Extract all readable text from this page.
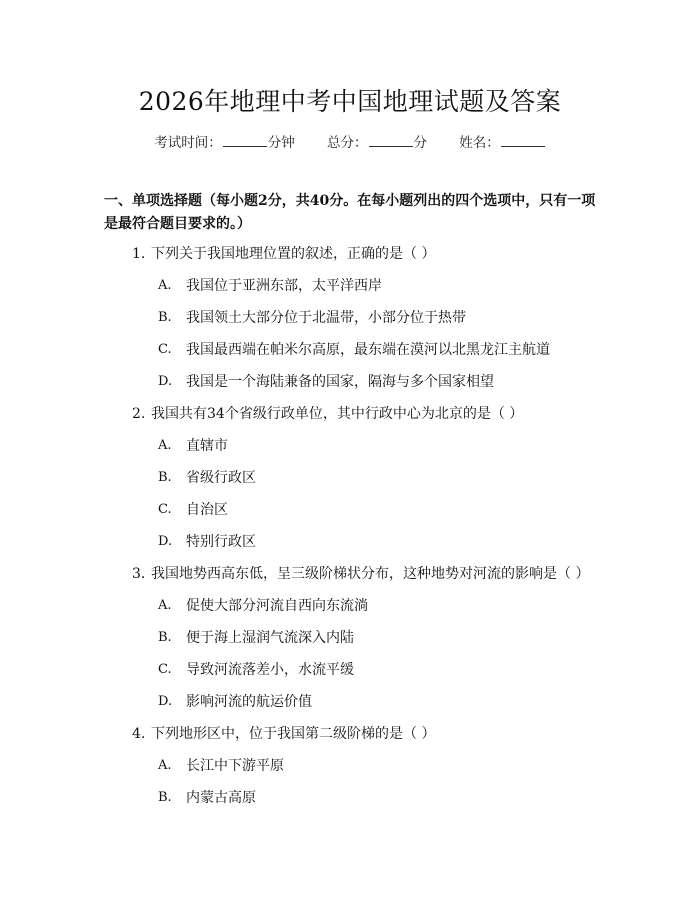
2026年地理中考中国地理试题及答案
考试时间：	分钟 总分：	分 姓名：
一、单项选择题（每小题2分，共40分。在每小题列出的四个选项中，只有一项是最符合题目要求的。）
1. 下列关于我国地理位置的叙述，正确的是（ ）
A. 我国位于亚洲东部，太平洋西岸
B. 我国领土大部分位于北温带，小部分位于热带
C. 我国最西端在帕米尔高原，最东端在漠河以北黑龙江主航道
D. 我国是一个海陆兼备的国家，隔海与多个国家相望
2. 我国共有34个省级行政单位，其中行政中心为北京的是（ ）
A. 直辖市
B. 省级行政区
C. 自治区
D. 特别行政区
3. 我国地势西高东低，呈三级阶梯状分布，这种地势对河流的影响是（ ）
A. 促使大部分河流自西向东流淌
B. 便于海上湿润气流深入内陆
C. 导致河流落差小，水流平缓
D. 影响河流的航运价值
4. 下列地形区中，位于我国第二级阶梯的是（ ）
A. 长江中下游平原
B. 内蒙古高原
